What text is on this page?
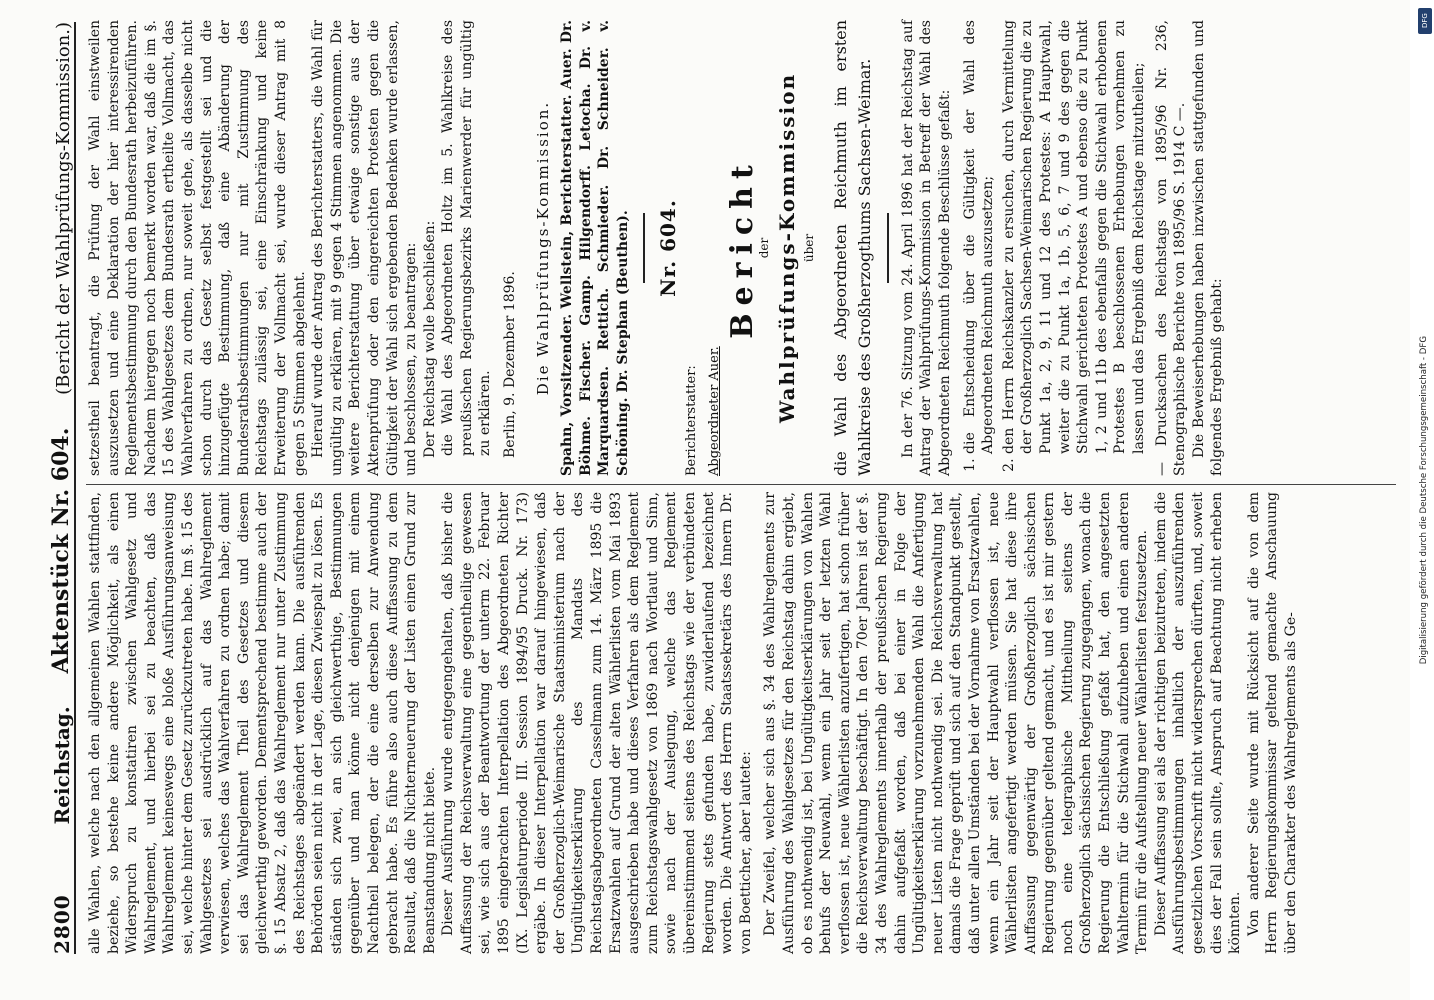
2800
Reichstag.
Aktenstück Nr. 604.
(Bericht der Wahlprüfungs-Kommission.)

alle Wahlen, welche nach den allgemeinen Wahlen stattfinden, beziehe, so bestehe keine andere Möglichkeit, als einen Widerspruch zu konstatiren zwischen Wahlgesetz und Wahlreglement, und hierbei sei zu beachten, daß das Wahlreglement keineswegs eine bloße Ausführungsanweisung sei, welche hinter dem Gesetz zurückzutreten habe. Im §. 15 des Wahlgesetzes sei ausdrücklich auf das Wahlreglement verwiesen, welches das Wahlverfahren zu ordnen habe; damit sei das Wahlreglement Theil des Gesetzes und diesem gleichwerthig geworden. Dementsprechend bestimme auch der §. 15 Absatz 2, daß das Wahlreglement nur unter Zustimmung des Reichstages abgeändert werden kann. Die ausführenden Behörden seien nicht in der Lage, diesen Zwiespalt zu lösen. Es ständen sich zwei, an sich gleichwerthige, Bestimmungen gegenüber und man könne nicht denjenigen mit einem Nachtheil belegen, der die eine derselben zur Anwendung gebracht habe. Es führe also auch diese Auffassung zu dem Resultat, daß die Nichterneuerung der Listen einen Grund zur Beanstandung nicht biete. Dieser Ausführung wurde entgegengehalten, daß bisher die Auffassung der Reichsverwaltung eine gegentheilige gewesen sei, wie sich aus der Beantwortung der unterm 22. Februar 1895 eingebrachten Interpellation des Abgeordneten Richter (IX. Legislaturperiode III. Session 1894/95 Druck. Nr. 173) ergäbe. In dieser Interpellation war darauf hingewiesen, daß der Großherzoglich-Weimarische Staatsministerium nach der Ungültigkeitserklärung des Mandats des Reichstagsabgeordneten Casselmann zum 14. März 1895 die Ersatzwahlen auf Grund der alten Wählerlisten vom Mai 1893 ausgeschrieben habe und dieses Verfahren als dem Reglement zum Reichstagswahlgesetz von 1869 nach Wortlaut und Sinn, sowie nach der Auslegung, welche das Reglement übereinstimmend seitens des Reichstags wie der verbündeten Regierung stets gefunden habe, zuwiderlaufend bezeichnet worden. Die Antwort des Herrn Staatssekretärs des Innern Dr. von Boetticher, aber lautete: Der Zweifel, welcher sich aus §. 34 des Wahlreglements zur Ausführung des Wahlgesetzes für den Reichstag dahin ergiebt, ob es nothwendig ist, bei Ungültigkeitserklärungen von Wahlen behufs der Neuwahl, wenn ein Jahr seit der letzten Wahl verflossen ist, neue Wählerlisten anzufertigen, hat schon früher die Reichsverwaltung beschäftigt. In den 70er Jahren ist der §. 34 des Wahlreglements innerhalb der preußischen Regierung dahin aufgefaßt worden, daß bei einer in Folge der Ungültigkeitserklärung vorzunehmenden Wahl die Anfertigung neuer Listen nicht nothwendig sei. Die Reichsverwaltung hat damals die Frage geprüft und sich auf den Standpunkt gestellt, daß unter allen Umständen bei der Vornahme von Ersatzwahlen, wenn ein Jahr seit der Hauptwahl verflossen ist, neue Wählerlisten angefertigt werden müssen. Sie hat diese ihre Auffassung gegenwärtig der Großherzoglich sächsischen Regierung gegenüber geltend gemacht, und es ist mir gestern noch eine telegraphische Mittheilung seitens der Großherzoglich sächsischen Regierung zugegangen, wonach die Regierung die Entschließung gefaßt hat, den angesetzten Wahltermin für die Stichwahl aufzuheben und einen anderen Termin für die Aufstellung neuer Wählerlisten festzusetzen. Dieser Auffassung sei als der richtigen beizutreten, indem die Ausführungsbestimmungen inhaltlich der auszuführenden gesetzlichen Vorschrift nicht widersprechen dürften, und, soweit dies der Fall sein sollte, Anspruch auf Beachtung nicht erheben könnten. Von anderer Seite wurde mit Rücksicht auf die von dem Herrn Regierungskommissar geltend gemachte Anschauung über den Charakter des Wahlreglements als Ge-

setzestheil beantragt, die Prüfung der Wahl einstweilen auszusetzen und eine Deklaration der hier interessirenden Reglementsbestimmung durch den Bundesrath herbeizuführen. Nachdem hiergegen noch bemerkt worden war, daß die im §. 15 des Wahlgesetzes dem Bundesrath ertheilte Vollmacht, das Wahlverfahren zu ordnen, nur soweit gehe, als dasselbe nicht schon durch das Gesetz selbst festgestellt sei und die hinzugefügte Bestimmung, daß eine Abänderung der Bundesrathsbestimmungen nur mit Zustimmung des Reichstags zulässig sei, eine Einschränkung und keine Erweiterung der Vollmacht sei, wurde dieser Antrag mit 8 gegen 5 Stimmen abgelehnt. Hierauf wurde der Antrag des Berichterstatters, die Wahl für ungültig zu erklären, mit 9 gegen 4 Stimmen angenommen. Die weitere Berichterstattung über etwaige sonstige aus der Aktenprüfung oder den eingereichten Protesten gegen die Gültigkeit der Wahl sich ergebenden Bedenken wurde erlassen, und beschlossen, zu beantragen: Der Reichstag wolle beschließen: die Wahl des Abgeordneten Holtz im 5. Wahlkreise des preußischen Regierungsbezirks Marienwerder für ungültig zu erklären. Berlin, 9. Dezember 1896. Die Wahlprüfungs-Kommission. Spahn, Vorsitzender. Wellstein, Berichterstatter. Auer. Dr. Böhme. Fischer. Gamp. Hilgendorff. Letocha. Dr. v. Marquardsen. Rettich. Schmieder. Dr. Schneider. v. Schöning. Dr. Stephan (Beuthen). Nr. 604.
Berichterstatter: Abgeordneter Auer.
Bericht
der Wahlprüfungs-Kommission über die Wahl des Abgeordneten Reichmuth im ersten Wahlkreise des Großherzogthums Sachsen-Weimar. In der 76. Sitzung vom 24. April 1896 hat der Reichstag auf Antrag der Wahlprüfungs-Kommission in Betreff der Wahl des Abgeordneten Reichmuth folgende Beschlüsse gefaßt: 1. die Entscheidung über die Gültigkeit der Wahl des Abgeordneten Reichmuth auszusetzen; 2. den Herrn Reichskanzler zu ersuchen, durch Vermittelung der Großherzoglich Sachsen-Weimarischen Regierung die zu Punkt 1a, 2, 9, 11 und 12 des Protestes: A Hauptwahl, weiter die zu Punkt 1a, 1b, 5, 6, 7 und 9 des gegen die Stichwahl gerichteten Protestes A und ebenso die zu Punkt 1, 2 und 11b des ebenfalls gegen die Stichwahl erhobenen Protestes B beschlossenen Erhebungen vornehmen zu lassen und das Ergebniß dem Reichstage mitzutheilen; — Drucksachen des Reichstags von 1895/96 Nr. 236, Stenographische Berichte von 1895/96 S. 1914 C —. Die Beweiserhebungen haben inzwischen stattgefunden und folgendes Ergebniß gehabt:

DFG
Digitalisierung gefördert durch die Deutsche Forschungsgemeinschaft - DFG
